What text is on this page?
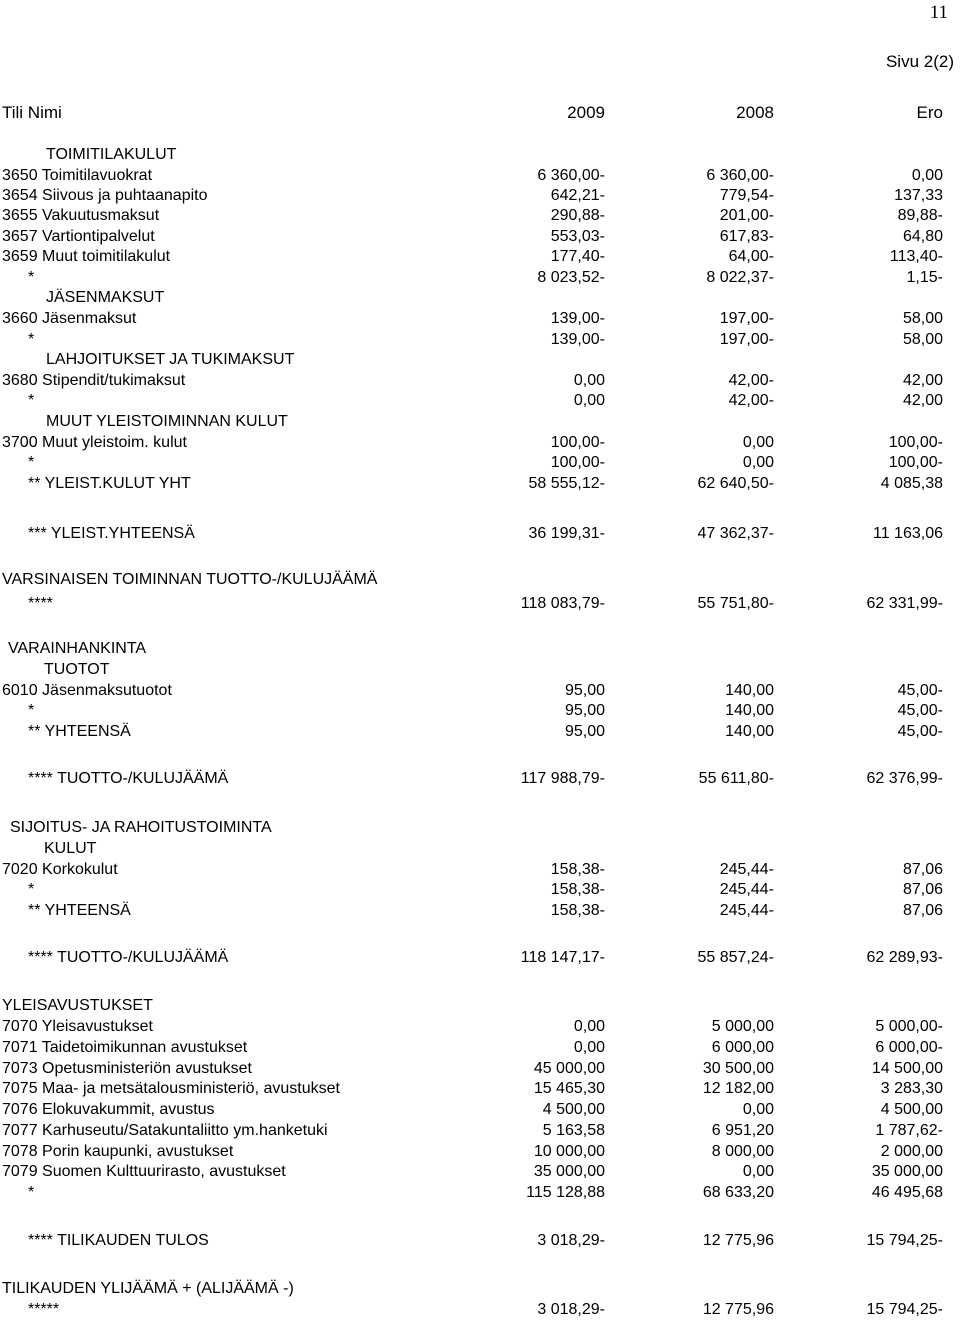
11
Sivu 2(2)
Tili Nimi	2009	2008	Ero
TOIMITILAKULUT
3650 Toimitilavuokrat	6 360,00-	6 360,00-	0,00
3654 Siivous ja puhtaanapito	642,21-	779,54-	137,33
3655 Vakuutusmaksut	290,88-	201,00-	89,88-
3657 Vartiontipalvelut	553,03-	617,83-	64,80
3659 Muut toimitilakulut	177,40-	64,00-	113,40-
*	8 023,52-	8 022,37-	1,15-
JÄSENMAKSUT
3660 Jäsenmaksut	139,00-	197,00-	58,00
*	139,00-	197,00-	58,00
LAHJOITUKSET JA TUKIMAKSUT
3680 Stipendit/tukimaksut	0,00	42,00-	42,00
*	0,00	42,00-	42,00
MUUT YLEISTOIMINNAN KULUT
3700 Muut yleistoim. kulut	100,00-	0,00	100,00-
*	100,00-	0,00	100,00-
** YLEIST.KULUT YHT	58 555,12-	62 640,50-	4 085,38
*** YLEIST.YHTEENSÄ	36 199,31-	47 362,37-	11 163,06
VARSINAISEN TOIMINNAN TUOTTO-/KULUJÄÄMÄ
****	118 083,79-	55 751,80-	62 331,99-
VARAINHANKINTA
TUOTOT
6010 Jäsenmaksutuotot	95,00	140,00	45,00-
*	95,00	140,00	45,00-
** YHTEENSÄ	95,00	140,00	45,00-
**** TUOTTO-/KULUJÄÄMÄ	117 988,79-	55 611,80-	62 376,99-
SIJOITUS- JA RAHOITUSTOIMINTA
KULUT
7020 Korkokulut	158,38-	245,44-	87,06
*	158,38-	245,44-	87,06
** YHTEENSÄ	158,38-	245,44-	87,06
**** TUOTTO-/KULUJÄÄMÄ	118 147,17-	55 857,24-	62 289,93-
YLEISAVUSTUKSET
7070 Yleisavustukset	0,00	5 000,00	5 000,00-
7071 Taidetoimikunnan avustukset	0,00	6 000,00	6 000,00-
7073 Opetusministeriön avustukset	45 000,00	30 500,00	14 500,00
7075 Maa- ja metsätalousministeriö, avustukset	15 465,30	12 182,00	3 283,30
7076 Elokuvakummit, avustus	4 500,00	0,00	4 500,00
7077 Karhuseutu/Satakuntaliitto ym.hanketuki	5 163,58	6 951,20	1 787,62-
7078 Porin kaupunki, avustukset	10 000,00	8 000,00	2 000,00
7079 Suomen Kulttuurirasto, avustukset	35 000,00	0,00	35 000,00
*	115 128,88	68 633,20	46 495,68
**** TILIKAUDEN TULOS	3 018,29-	12 775,96	15 794,25-
TILIKAUDEN YLIJÄÄMÄ + (ALIJÄÄMÄ -)
*****	3 018,29-	12 775,96	15 794,25-
